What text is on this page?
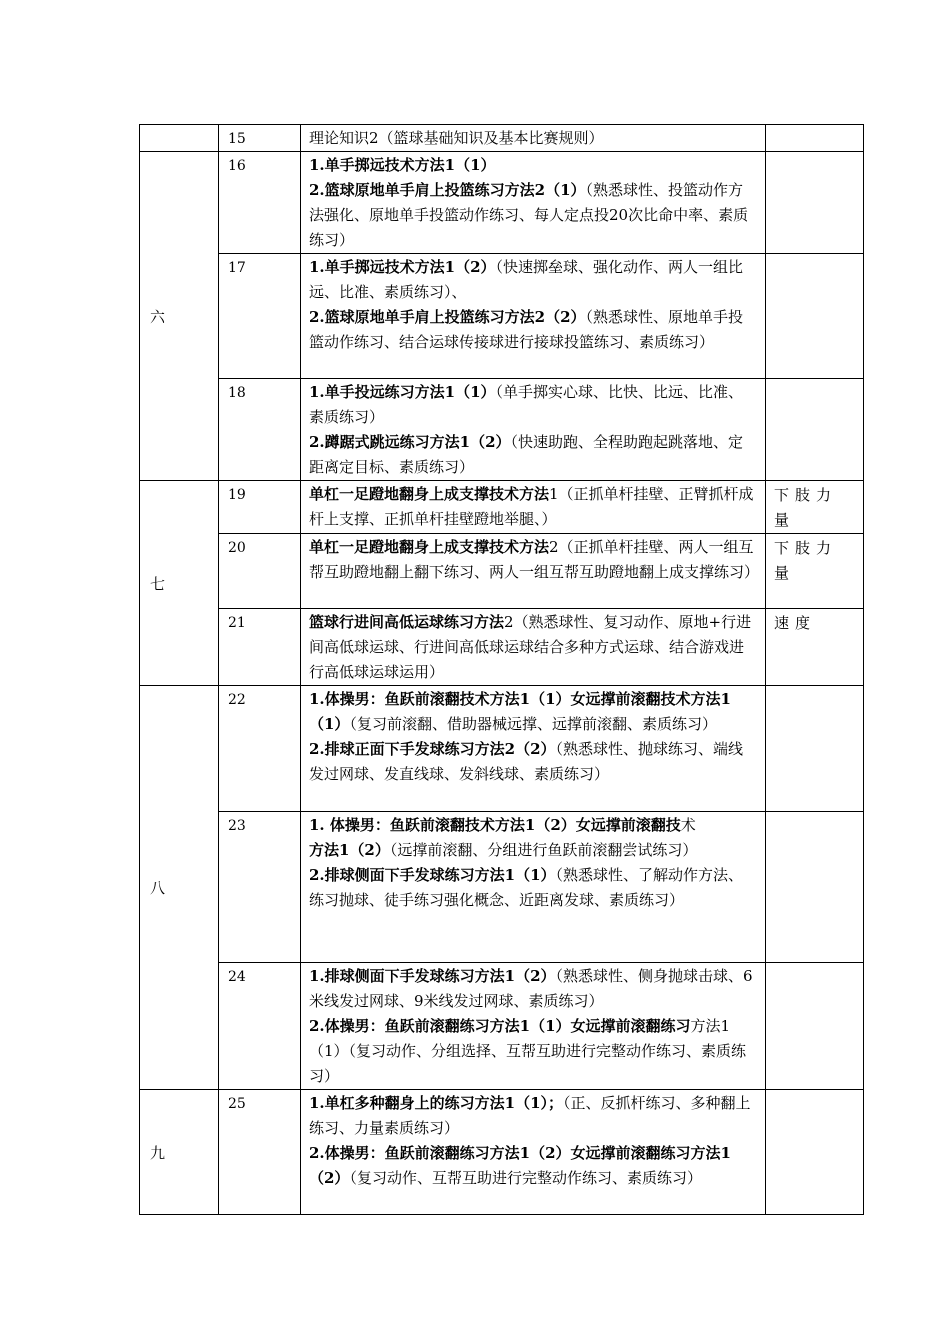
	15	理论知识2（篮球基础知识及基本比赛规则）	

六	16	1.单手掷远技术方法1（1）
2.篮球原地单手肩上投篮练习方法2（1）（熟悉球性、投篮动作方法强化、原地单手投篮动作练习、每人定点投20次比命中率、素质练习）	

	17	1.单手掷远技术方法1（2）（快速掷垒球、强化动作、两人一组比远、比准、素质练习）、
2.篮球原地单手肩上投篮练习方法2（2）（熟悉球性、原地单手投篮动作练习、结合运球传接球进行接球投篮练习、素质练习）	

	18	1.单手投远练习方法1（1）（单手掷实心球、比快、比远、比准、素质练习）
2.蹲踞式跳远练习方法1（2）（快速助跑、全程助跑起跳落地、定距离定目标、素质练习）	

七	19	单杠一足蹬地翻身上成支撑技术方法1（正抓单杆挂壁、正臂抓杆成杆上支撑、正抓单杆挂壁蹬地举腿、）	下肢力量
	20	单杠一足蹬地翻身上成支撑技术方法2（正抓单杆挂壁、两人一组互帮互助蹬地翻上翻下练习、两人一组互帮互助蹬地翻上成支撑练习）	下肢力量
	21	篮球行进间高低运球练习方法2（熟悉球性、复习动作、原地+行进间高低球运球、行进间高低球运球结合多种方式运球、结合游戏进行高低球运球运用）	速度
八	22	1.体操男：鱼跃前滚翻技术方法1（1）女远撑前滚翻技术方法1（1）（复习前滚翻、借助器械远撑、远撑前滚翻、素质练习）
2.排球正面下手发球练习方法2（2）（熟悉球性、抛球练习、端线发过网球、发直线球、发斜线球、素质练习）	

	23	1. 体操男：鱼跃前滚翻技术方法1（2）女远撑前滚翻技术
方法1（2）（远撑前滚翻、分组进行鱼跃前滚翻尝试练习）
2.排球侧面下手发球练习方法1（1）（熟悉球性、了解动作方法、练习抛球、徒手练习强化概念、近距离发球、素质练习）	

	24	1.排球侧面下手发球练习方法1（2）（熟悉球性、侧身抛球击球、6米线发过网球、9米线发过网球、素质练习）
2.体操男：鱼跃前滚翻练习方法1（1）女远撑前滚翻练习方法1（1）（复习动作、分组选择、互帮互助进行完整动作练习、素质练习）	

九	25	1.单杠多种翻身上的练习方法1（1）；（正、反抓杆练习、多种翻上练习、力量素质练习）
2.体操男：鱼跃前滚翻练习方法1（2）女远撑前滚翻练习方法1（2）（复习动作、互帮互助进行完整动作练习、素质练习）	
